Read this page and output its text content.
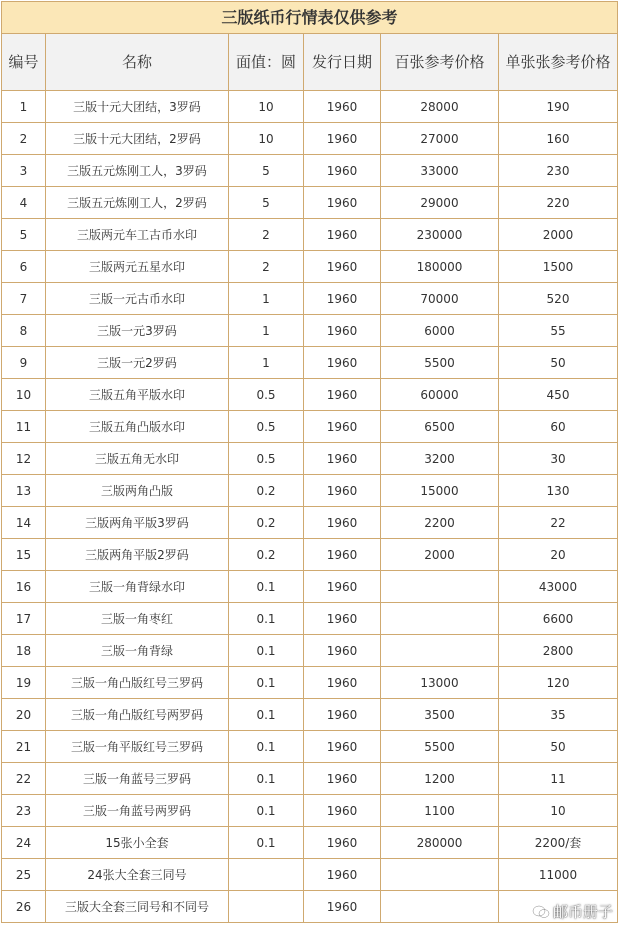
三版纸币行情表仅供参考					
编号	名称	面值：圆	发行日期	百张参考价格	单张张参考价格
1	三版十元大团结，3罗码	10	1960	28000	190
2	三版十元大团结，2罗码	10	1960	27000	160
3	三版五元炼刚工人，3罗码	5	1960	33000	230
4	三版五元炼刚工人，2罗码	5	1960	29000	220
5	三版两元车工古币水印	2	1960	230000	2000
6	三版两元五星水印	2	1960	180000	1500
7	三版一元古币水印	1	1960	70000	520
8	三版一元3罗码	1	1960	6000	55
9	三版一元2罗码	1	1960	5500	50
10	三版五角平版水印	0.5	1960	60000	450
11	三版五角凸版水印	0.5	1960	6500	60
12	三版五角无水印	0.5	1960	3200	30
13	三版两角凸版	0.2	1960	15000	130
14	三版两角平版3罗码	0.2	1960	2200	22
15	三版两角平版2罗码	0.2	1960	2000	20
16	三版一角背绿水印	0.1	1960		43000
17	三版一角枣红	0.1	1960		6600
18	三版一角背绿	0.1	1960		2800
19	三版一角凸版红号三罗码	0.1	1960	13000	120
20	三版一角凸版红号两罗码	0.1	1960	3500	35
21	三版一角平版红号三罗码	0.1	1960	5500	50
22	三版一角蓝号三罗码	0.1	1960	1200	11
23	三版一角蓝号两罗码	0.1	1960	1100	10
24	15张小全套	0.1	1960	280000	2200/套
25	24张大全套三同号		1960		11000
26	三版大全套三同号和不同号		1960			邮币册子
